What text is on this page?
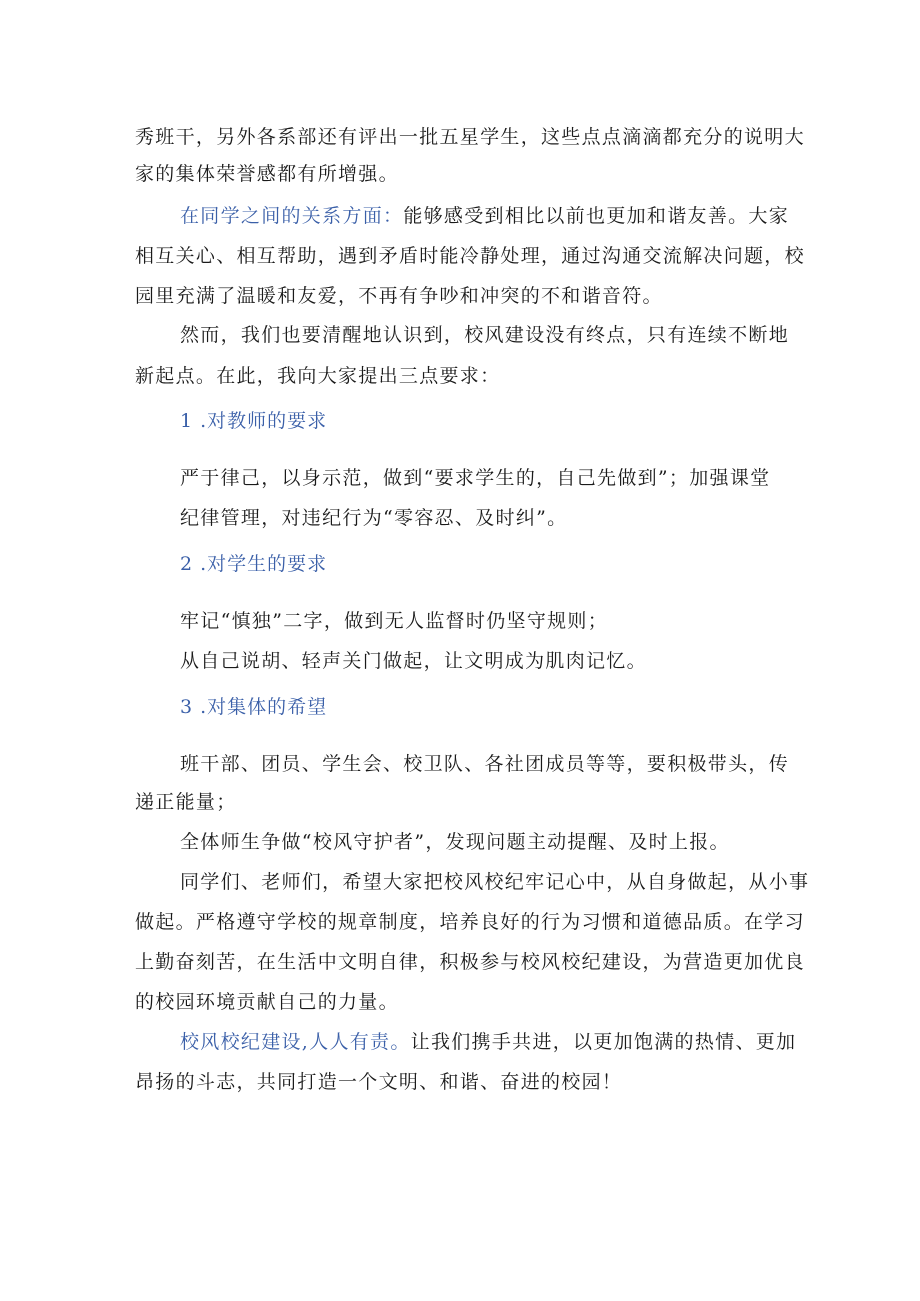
秀班干，另外各系部还有评出一批五星学生，这些点点滴滴都充分的说明大
家的集体荣誉感都有所增强。
在同学之间的关系方面：能够感受到相比以前也更加和谐友善。大家
相互关心、相互帮助，遇到矛盾时能冷静处理，通过沟通交流解决问题，校
园里充满了温暖和友爱，不再有争吵和冲突的不和谐音符。
然而，我们也要清醒地认识到，校风建设没有终点，只有连续不断地
新起点。在此，我向大家提出三点要求：
1 .对教师的要求
严于律己，以身示范，做到“要求学生的，自己先做到”；加强课堂
纪律管理，对违纪行为“零容忍、及时纠”。
2 .对学生的要求
牢记“慎独”二字，做到无人监督时仍坚守规则；
从自己说胡、轻声关门做起，让文明成为肌肉记忆。
3 .对集体的希望
班干部、团员、学生会、校卫队、各社团成员等等，要积极带头，传
递正能量；
全体师生争做“校风守护者”，发现问题主动提醒、及时上报。
同学们、老师们，希望大家把校风校纪牢记心中，从自身做起，从小事
做起。严格遵守学校的规章制度，培养良好的行为习惯和道德品质。在学习
上勤奋刻苦，在生活中文明自律，积极参与校风校纪建设，为营造更加优良
的校园环境贡献自己的力量。
校风校纪建设,人人有责。让我们携手共进，以更加饱满的热情、更加
昂扬的斗志，共同打造一个文明、和谐、奋进的校园！
